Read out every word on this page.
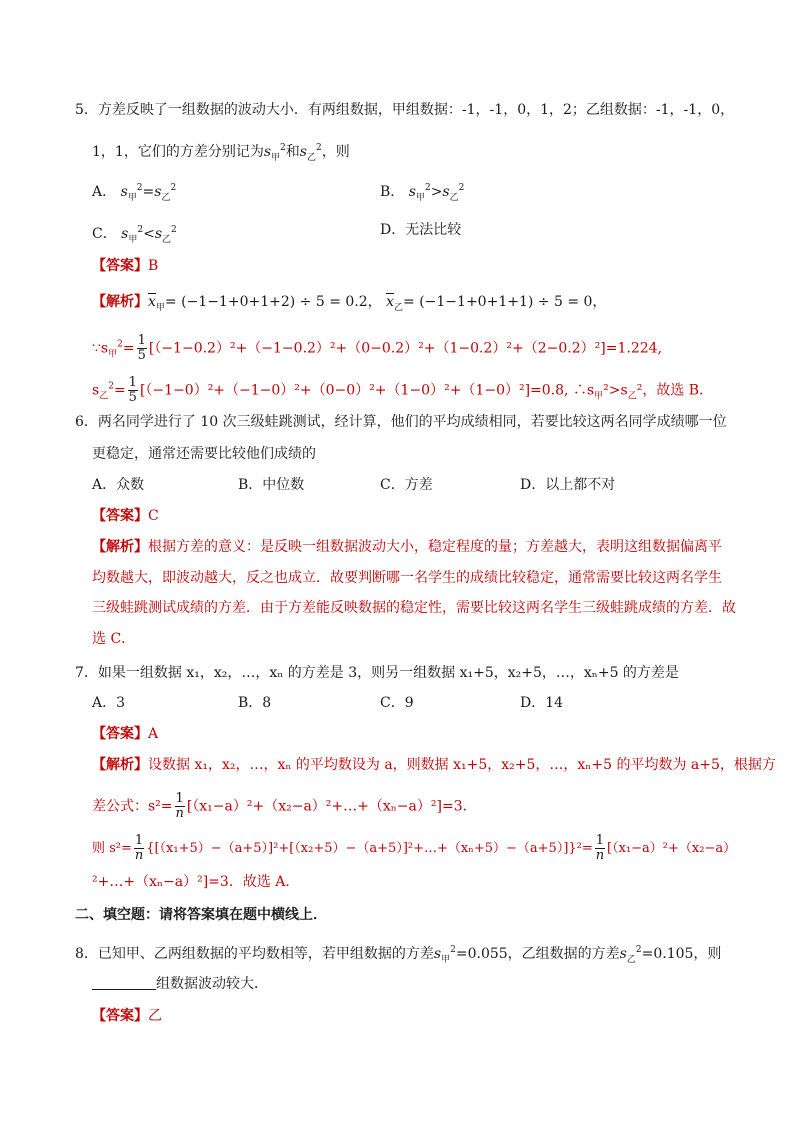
5．方差反映了一组数据的波动大小．有两组数据，甲组数据：-1，-1，0，1，2；乙组数据：-1，-1，0，
1，1，它们的方差分别记为$s_甲^2$和$s_乙^2$，则
A． $s_甲^2=s_乙^2$	B． $s_甲^2>s_乙^2$
C． $s_甲^2<s_乙^2$	D．无法比较
【答案】B
【解析】$x_甲= (-1-1+0+1+2) \div 5 = 0.2$， $x_乙= (-1-1+0+1+1) \div 5 = 0$，
$\because s_甲^2= \frac{1}{5} [(-1-0.2)^2+(-1-0.2)^2+(0-0.2)^2+(1-0.2)^2+(2-0.2)^2]=1.224$,
$s_乙^2= \frac{1}{5} [(-1-0)^2+(-1-0)^2+(0-0)^2+(1-0)^2+(1-0)^2]=0.8$, $\therefore s_甲^2>s_乙^2$，故选 B．
6．两名同学进行了 10 次三级蛙跳测试，经计算，他们的平均成绩相同，若要比较这两名同学成绩哪一位
更稳定，通常还需要比较他们成绩的
A．众数	B．中位数	C．方差	D．以上都不对
【答案】C
【解析】根据方差的意义：是反映一组数据波动大小，稳定程度的量；方差越大，表明这组数据偏离平
均数越大，即波动越大，反之也成立．故要判断哪一名学生的成绩比较稳定，通常需要比较这两名学生
三级蛙跳测试成绩的方差．由于方差能反映数据的稳定性，需要比较这两名学生三级蛙跳成绩的方差．故
选 C．
7．如果一组数据 x₁，x₂，…，xₙ 的方差是 3，则另一组数据 x₁+5，x₂+5，…，xₙ+5 的方差是
A．3	B．8	C．9	D．14
【答案】A
【解析】设数据 x₁，x₂，…，xₙ 的平均数设为 a，则数据 x₁+5，x₂+5，…，xₙ+5 的平均数为 a+5，根据方
差公式：$s^2= \frac{1}{n}$ [（x₁−a）²+（x₂−a）²+…+（xₙ−a）²]=3．
则 $s^2= \frac{1}{n}$ {[（x₁+5）−（a+5）]²+[（x₂+5）−（a+5）]²+…+（xₙ+5）−（a+5）]}²= $\frac{1}{n} [(x_1-a)^2+(x_2-a)$
²+…+（xₙ−a）²]=3．故选 A．
二、填空题：请将答案填在题中横线上．
8．已知甲、乙两组数据的平均数相等，若甲组数据的方差$s_甲^2=0.055$，乙组数据的方差$s_乙^2=0.105$，则
组数据波动较大．
【答案】乙
